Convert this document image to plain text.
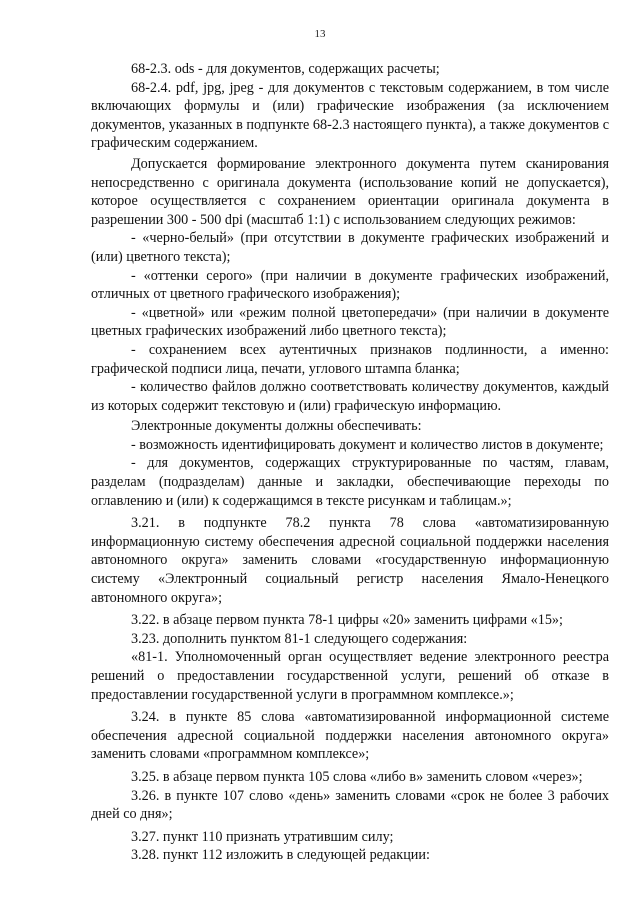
13

68-2.3. ods - для документов, содержащих расчеты;

68-2.4. pdf, jpg, jpeg - для документов с текстовым содержанием, в том числе включающих формулы и (или) графические изображения (за исключением документов, указанных в подпункте 68-2.3 настоящего пункта), а также документов с графическим содержанием.

Допускается формирование электронного документа путем сканирования непосредственно с оригинала документа (использование копий не допускается), которое осуществляется с сохранением ориентации оригинала документа в разрешении 300 - 500 dpi (масштаб 1:1) с использованием следующих режимов:

- «черно-белый» (при отсутствии в документе графических изображений и (или) цветного текста);

- «оттенки серого» (при наличии в документе графических изображений, отличных от цветного графического изображения);

- «цветной» или «режим полной цветопередачи» (при наличии в документе цветных графических изображений либо цветного текста);

- сохранением всех аутентичных признаков подлинности, а именно: графической подписи лица, печати, углового штампа бланка;

- количество файлов должно соответствовать количеству документов, каждый из которых содержит текстовую и (или) графическую информацию.

Электронные документы должны обеспечивать:

- возможность идентифицировать документ и количество листов в документе;

- для документов, содержащих структурированные по частям, главам, разделам (подразделам) данные и закладки, обеспечивающие переходы по оглавлению и (или) к содержащимся в тексте рисункам и таблицам.»;

3.21. в подпункте 78.2 пункта 78 слова «автоматизированную информационную систему обеспечения адресной социальной поддержки населения автономного округа» заменить словами «государственную информационную систему «Электронный социальный регистр населения Ямало-Ненецкого автономного округа»;

3.22. в абзаце первом пункта 78-1 цифры «20» заменить цифрами «15»;

3.23. дополнить пунктом 81-1 следующего содержания:

«81-1. Уполномоченный орган осуществляет ведение электронного реестра решений о предоставлении государственной услуги, решений об отказе в предоставлении государственной услуги в программном комплексе.»;

3.24. в пункте 85 слова «автоматизированной информационной системе обеспечения адресной социальной поддержки населения автономного округа» заменить словами «программном комплексе»;

3.25. в абзаце первом пункта 105 слова «либо в» заменить словом «через»;

3.26. в пункте 107 слово «день» заменить словами «срок не более 3 рабочих дней со дня»;

3.27. пункт 110 признать утратившим силу;

3.28. пункт 112 изложить в следующей редакции:
